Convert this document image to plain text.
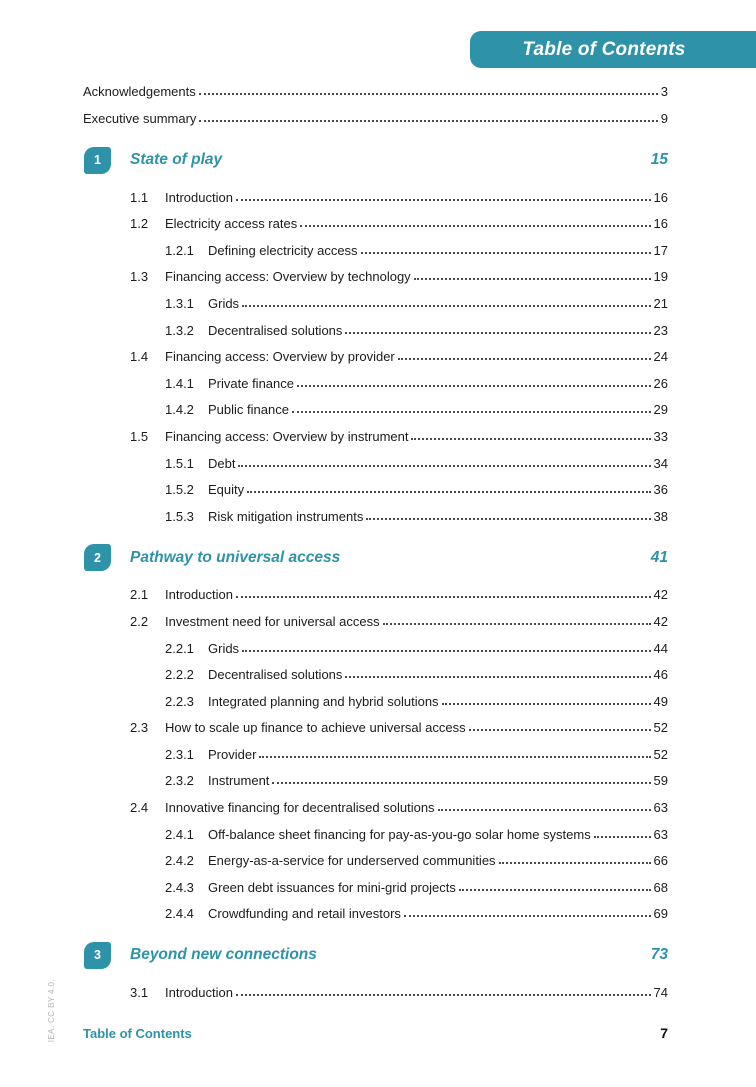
Table of Contents
Acknowledgements	3
Executive summary	9
1	State of play	15
1.1	Introduction	16
1.2	Electricity access rates	16
1.2.1	Defining electricity access	17
1.3	Financing access: Overview by technology	19
1.3.1	Grids	21
1.3.2	Decentralised solutions	23
1.4	Financing access: Overview by provider	24
1.4.1	Private finance	26
1.4.2	Public finance	29
1.5	Financing access: Overview by instrument	33
1.5.1	Debt	34
1.5.2	Equity	36
1.5.3	Risk mitigation instruments	38
2	Pathway to universal access	41
2.1	Introduction	42
2.2	Investment need for universal access	42
2.2.1	Grids	44
2.2.2	Decentralised solutions	46
2.2.3	Integrated planning and hybrid solutions	49
2.3	How to scale up finance to achieve universal access	52
2.3.1	Provider	52
2.3.2	Instrument	59
2.4	Innovative financing for decentralised solutions	63
2.4.1	Off-balance sheet financing for pay-as-you-go solar home systems	63
2.4.2	Energy-as-a-service for underserved communities	66
2.4.3	Green debt issuances for mini-grid projects	68
2.4.4	Crowdfunding and retail investors	69
3	Beyond new connections	73
3.1	Introduction	74
IEA. CC BY 4.0. Table of Contents	7
